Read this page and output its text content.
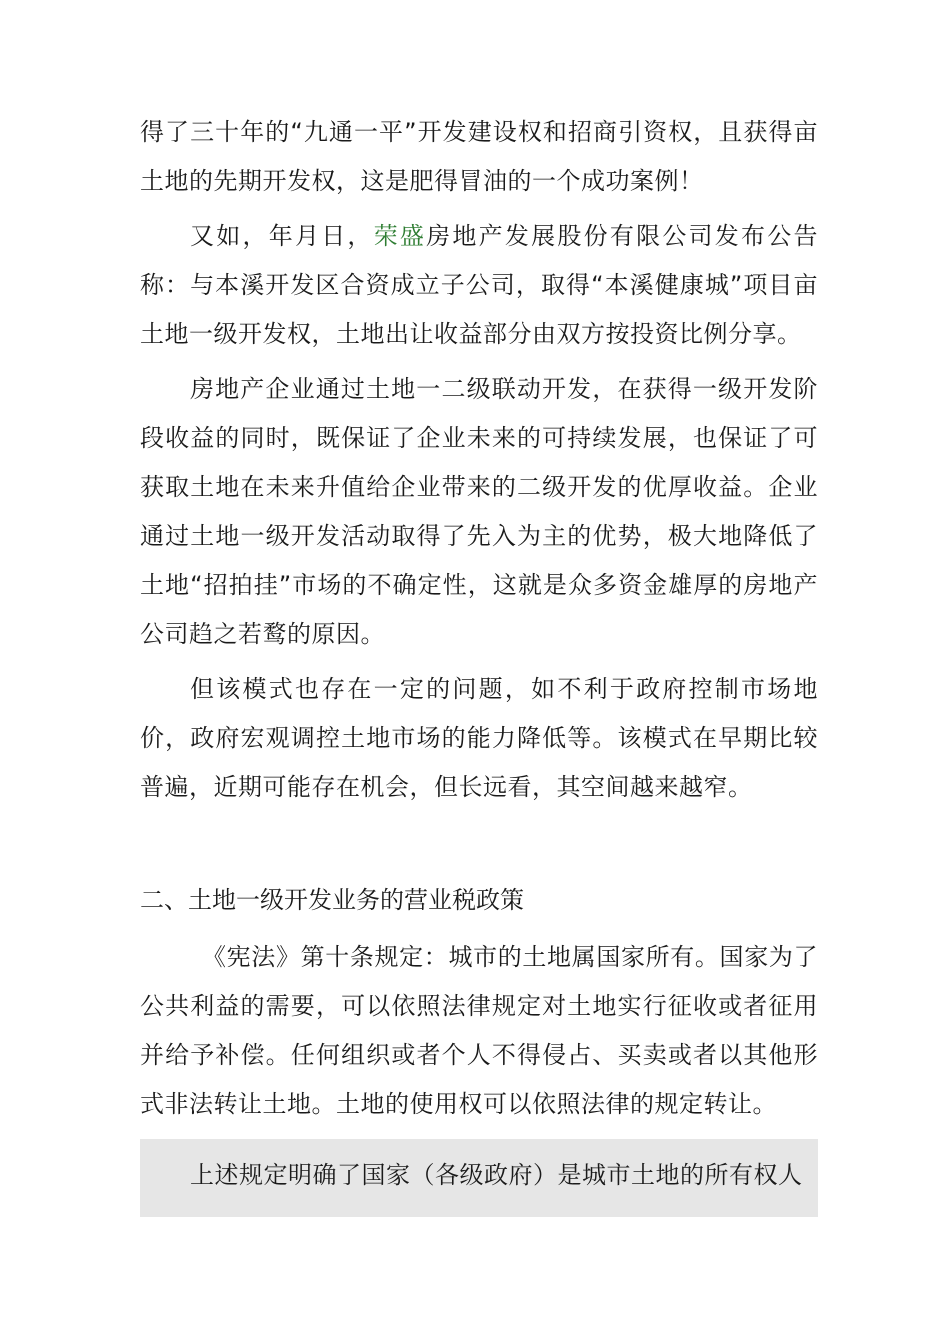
得了三十年的“九通一平”开发建设权和招商引资权，且获得亩土地的先期开发权，这是肥得冒油的一个成功案例！

又如，年月日，荣盛房地产发展股份有限公司发布公告称：与本溪开发区合资成立子公司，取得“本溪健康城”项目亩土地一级开发权，土地出让收益部分由双方按投资比例分享。

房地产企业通过土地一二级联动开发，在获得一级开发阶段收益的同时，既保证了企业未来的可持续发展，也保证了可获取土地在未来升值给企业带来的二级开发的优厚收益。企业通过土地一级开发活动取得了先入为主的优势，极大地降低了土地“招拍挂”市场的不确定性，这就是众多资金雄厚的房地产公司趋之若鹜的原因。

但该模式也存在一定的问题，如不利于政府控制市场地价，政府宏观调控土地市场的能力降低等。该模式在早期比较普遍，近期可能存在机会，但长远看，其空间越来越窄。

二、土地一级开发业务的营业税政策

《宪法》第十条规定：城市的土地属国家所有。国家为了公共利益的需要，可以依照法律规定对土地实行征收或者征用并给予补偿。任何组织或者个人不得侵占、买卖或者以其他形式非法转让土地。土地的使用权可以依照法律的规定转让。

上述规定明确了国家（各级政府）是城市土地的所有权人
